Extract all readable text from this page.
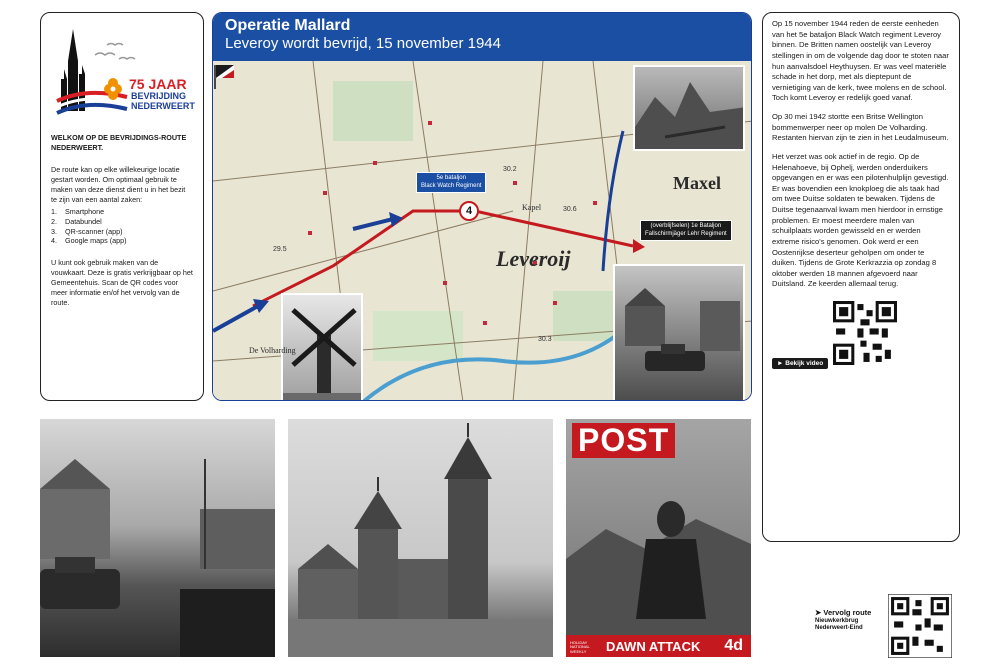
75 JAAR
BEVRIJDING
NEDERWEERT

WELKOM OP DE BEVRIJDINGS-ROUTE NEDERWEERT.

De route kan op elke willekeurige locatie gestart worden. Om optimaal gebruik te maken van deze dienst dient u in het bezit te zijn van een aantal zaken:

1.	Smartphone
2.	Databundel
3.	QR-scanner (app)
4.	Google maps (app)

U kunt ook gebruik maken van de vouwkaart. Deze is gratis verkrijgbaar op het Gemeentehuis. Scan de QR codes voor meer informatie en/of het vervolg van de route.

Operatie Mallard
Leveroy wordt bevrijd, 15 november 1944
29.5
30.2
30.6
30.3
Leveroij
Maxel
Kapel
De Volharding
5e bataljon
Black Watch Regiment
(overblijfselen) 1e Bataljon
Fallschirmjäger Lehr Regiment
4

Op 15 november 1944 reden de eerste eenheden van het 5e bataljon Black Watch regiment Leveroy binnen. De Britten namen oostelijk van Leveroy stellingen in om de volgende dag door te stoten naar hun aanvalsdoel Heythuysen. Er was veel materiële schade in het dorp, met als dieptepunt de vernietiging van de kerk, twee molens en de school. Toch komt Leveroy er redelijk goed vanaf.

Op 30 mei 1942 stortte een Britse Wellington bommenwerper neer op molen De Volharding. Restanten hiervan zijn te zien in het Leudalmuseum.

Het verzet was ook actief in de regio. Op de Helenahoeve, bij Ophelj, werden onderduikers opgevangen en er was een pilotenhulplijn gevestigd. Er was bovendien een knokploeg die als taak had om twee Duitse soldaten te bewaken. Tijdens de Duitse tegenaanval kwam men hierdoor in ernstige problemen. Er moest meerdere malen van schuilplaats worden gewisseld en er werden extreme risico's genomen. Ook werd er een Oostenrijkse deserteur geholpen om onder te duiken. Tijdens de Grote Kerkrazzia op zondag 8 oktober werden 18 mannen afgevoerd naar Duitsland. Ze keerden allemaal terug.

► Bekijk video
POST
HOLIDAY NATIONAL WEEKLY	DAWN ATTACK 4d
➤ Vervolg route
Nieuwkerkbrug
Nederweert-Eind
